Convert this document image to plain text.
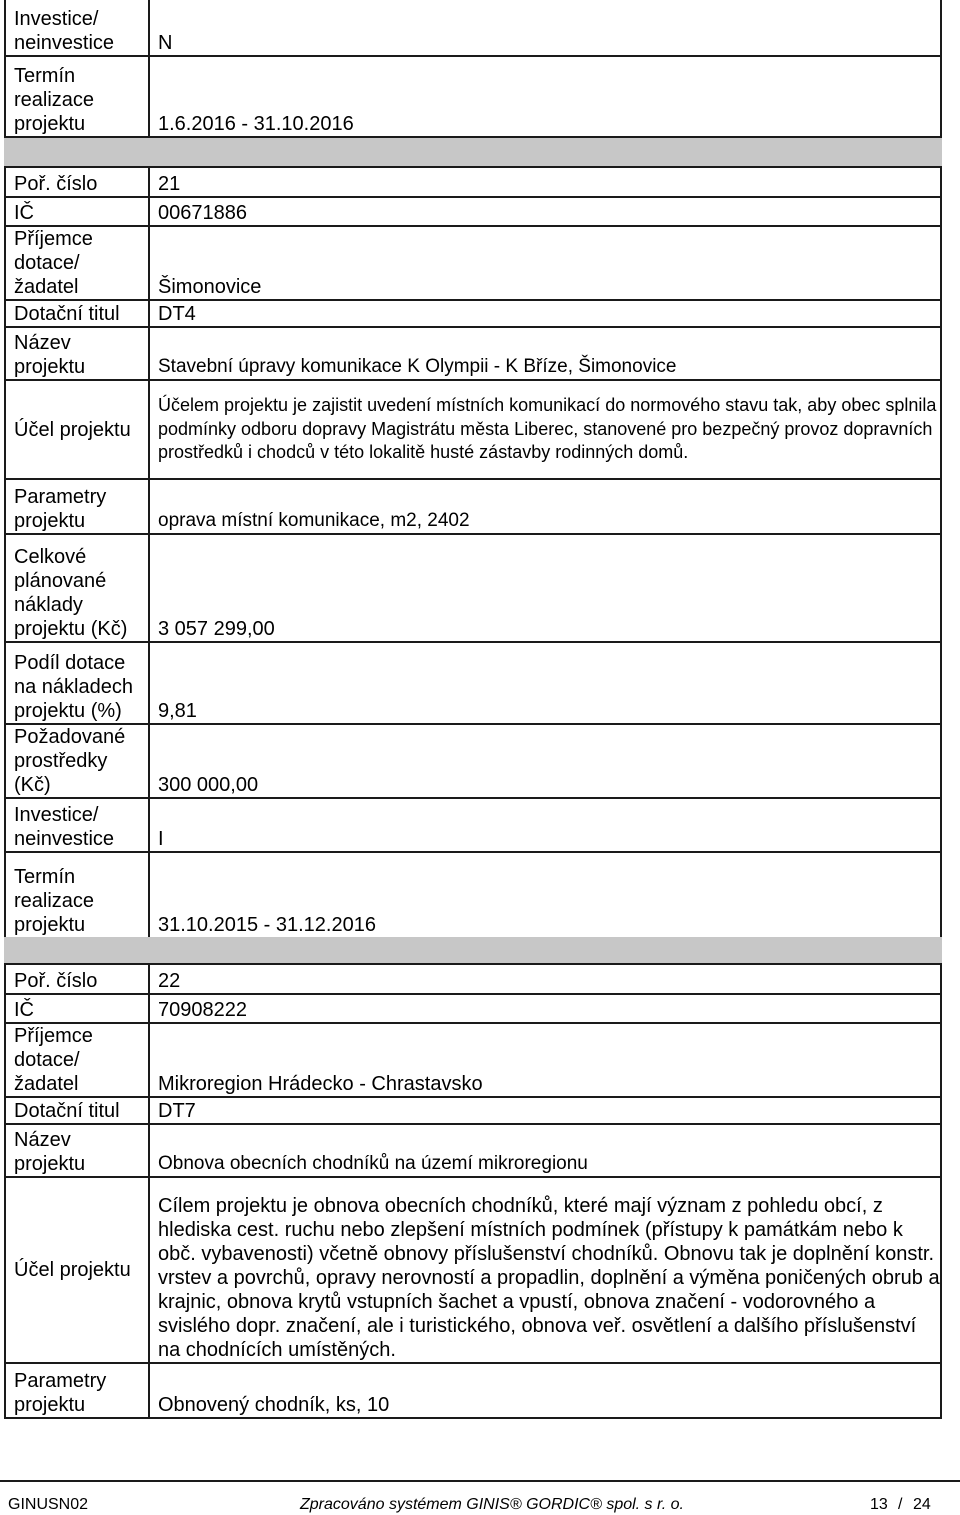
Investice/
neinvestice	N
Termín
realizace
projektu	1.6.2016 - 31.10.2016
Poř. číslo	21
IČ	00671886
Příjemce
dotace/
žadatel	Šimonovice
Dotační titul	DT4
Název
projektu	Stavební úpravy komunikace K Olympii - K Bříze, Šimonovice
Účel projektu	Účelem projektu je zajistit uvedení místních komunikací do normového stavu tak, aby obec splnila podmínky odboru dopravy Magistrátu města Liberec, stanovené pro bezpečný provoz dopravních prostředků i chodců v této lokalitě husté zástavby rodinných domů.
Parametry
projektu	oprava místní komunikace, m2, 2402
Celkové
plánované
náklady
projektu (Kč)	3 057 299,00
Podíl dotace
na nákladech
projektu (%)	9,81
Požadované
prostředky
(Kč)	300 000,00
Investice/
neinvestice	I
Termín
realizace
projektu	31.10.2015 - 31.12.2016
Poř. číslo	22
IČ	70908222
Příjemce
dotace/
žadatel	Mikroregion Hrádecko - Chrastavsko
Dotační titul	DT7
Název
projektu	Obnova obecních chodníků na území mikroregionu
Účel projektu	Cílem projektu je obnova obecních chodníků, které mají význam z pohledu obcí, z hlediska cest. ruchu nebo zlepšení místních podmínek (přístupy k památkám nebo k obč. vybavenosti) včetně obnovy příslušenství chodníků. Obnovu tak je doplnění konstr. vrstev a povrchů, opravy nerovností a propadlin, doplnění a výměna poničených obrub a krajnic, obnova krytů vstupních šachet a vpustí, obnova značení - vodorovného a svislého dopr. značení, ale i turistického, obnova veř. osvětlení a dalšího příslušenství na chodnících umístěných.
Parametry
projektu	Obnovený chodník, ks, 10
GINUSN02	Zpracováno systémem GINIS® GORDIC® spol. s r. o.	13 / 24
